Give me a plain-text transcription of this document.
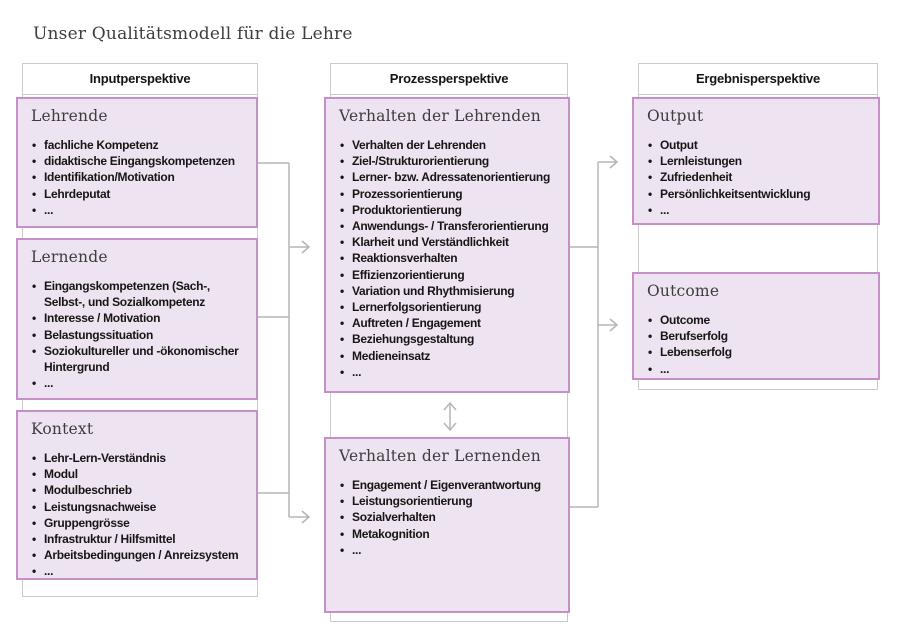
Unser Qualitätsmodell für die Lehre
Inputperspektive	Prozessperspektive	Ergebnisperspektive
Lehrende
• fachliche Kompetenz
• didaktische Eingangskompetenzen
• Identifikation/Motivation
• Lehrdeputat
• ...
Lernende
• Eingangskompetenzen (Sach-, Selbst-, und Sozialkompetenz
• Interesse / Motivation
• Belastungssituation
• Soziokultureller und -ökonomischer Hintergrund
• ...
Kontext
• Lehr-Lern-Verständnis
• Modul
• Modulbeschrieb
• Leistungsnachweise
• Gruppengrösse
• Infrastruktur / Hilfsmittel
• Arbeitsbedingungen / Anreizsystem
• ...
Verhalten der Lehrenden
• Verhalten der Lehrenden
• Ziel-/Strukturorientierung
• Lerner- bzw. Adressatenorientierung
• Prozessorientierung
• Produktorientierung
• Anwendungs- / Transferorientierung
• Klarheit und Verständlichkeit
• Reaktionsverhalten
• Effizienzorientierung
• Variation und Rhythmisierung
• Lernerfolgsorientierung
• Auftreten / Engagement
• Beziehungsgestaltung
• Medieneinsatz
• ...
Verhalten der Lernenden
• Engagement / Eigenverantwortung
• Leistungsorientierung
• Sozialverhalten
• Metakognition
• ...
Output
• Output
• Lernleistungen
• Zufriedenheit
• Persönlichkeitsentwicklung
• ...
Outcome
• Outcome
• Berufserfolg
• Lebenserfolg
• ...
